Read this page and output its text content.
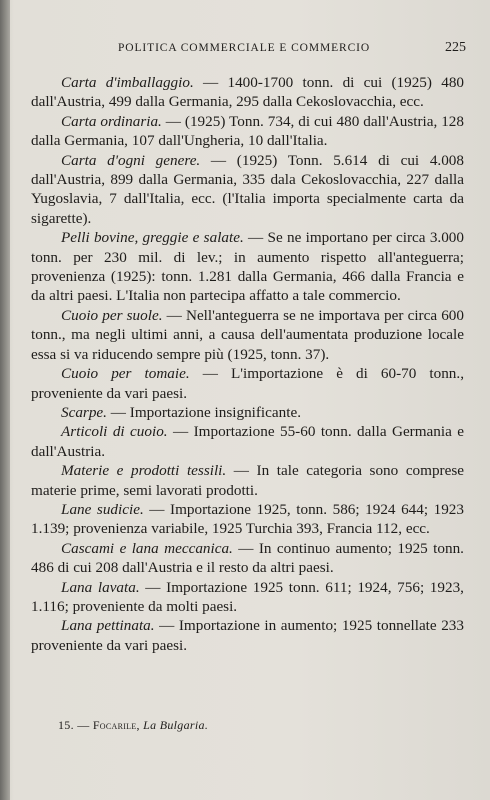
POLITICA COMMERCIALE E COMMERCIO	225

Carta d'imballaggio. — 1400-1700 tonn. di cui (1925) 480 dall'Austria, 499 dalla Germania, 295 dalla Cekoslovacchia, ecc.

Carta ordinaria. — (1925) Tonn. 734, di cui 480 dall'Austria, 128 dalla Germania, 107 dall'Ungheria, 10 dall'Italia.

Carta d'ogni genere. — (1925) Tonn. 5.614 di cui 4.008 dall'Austria, 899 dalla Germania, 335 dala Cekoslovacchia, 227 dalla Yugoslavia, 7 dall'Italia, ecc. (l'Italia importa specialmente carta da sigarette).

Pelli bovine, greggie e salate. — Se ne importano per circa 3.000 tonn. per 230 mil. di lev.; in aumento rispetto all'anteguerra; provenienza (1925): tonn. 1.281 dalla Germania, 466 dalla Francia e da altri paesi. L'Italia non partecipa affatto a tale commercio.

Cuoio per suole. — Nell'anteguerra se ne importava per circa 600 tonn., ma negli ultimi anni, a causa dell'aumentata produzione locale essa si va riducendo sempre più (1925, tonn. 37).

Cuoio per tomaie. — L'importazione è di 60-70 tonn., proveniente da vari paesi.

Scarpe. — Importazione insignificante.

Articoli di cuoio. — Importazione 55-60 tonn. dalla Germania e dall'Austria.

Materie e prodotti tessili. — In tale categoria sono comprese materie prime, semi lavorati prodotti.

Lane sudicie. — Importazione 1925, tonn. 586; 1924 644; 1923 1.139; provenienza variabile, 1925 Turchia 393, Francia 112, ecc.

Cascami e lana meccanica. — In continuo aumento; 1925 tonn. 486 di cui 208 dall'Austria e il resto da altri paesi.

Lana lavata. — Importazione 1925 tonn. 611; 1924, 756; 1923, 1.116; proveniente da molti paesi.

Lana pettinata. — Importazione in aumento; 1925 tonnellate 233 proveniente da vari paesi.

15. — Focarile, La Bulgaria.
